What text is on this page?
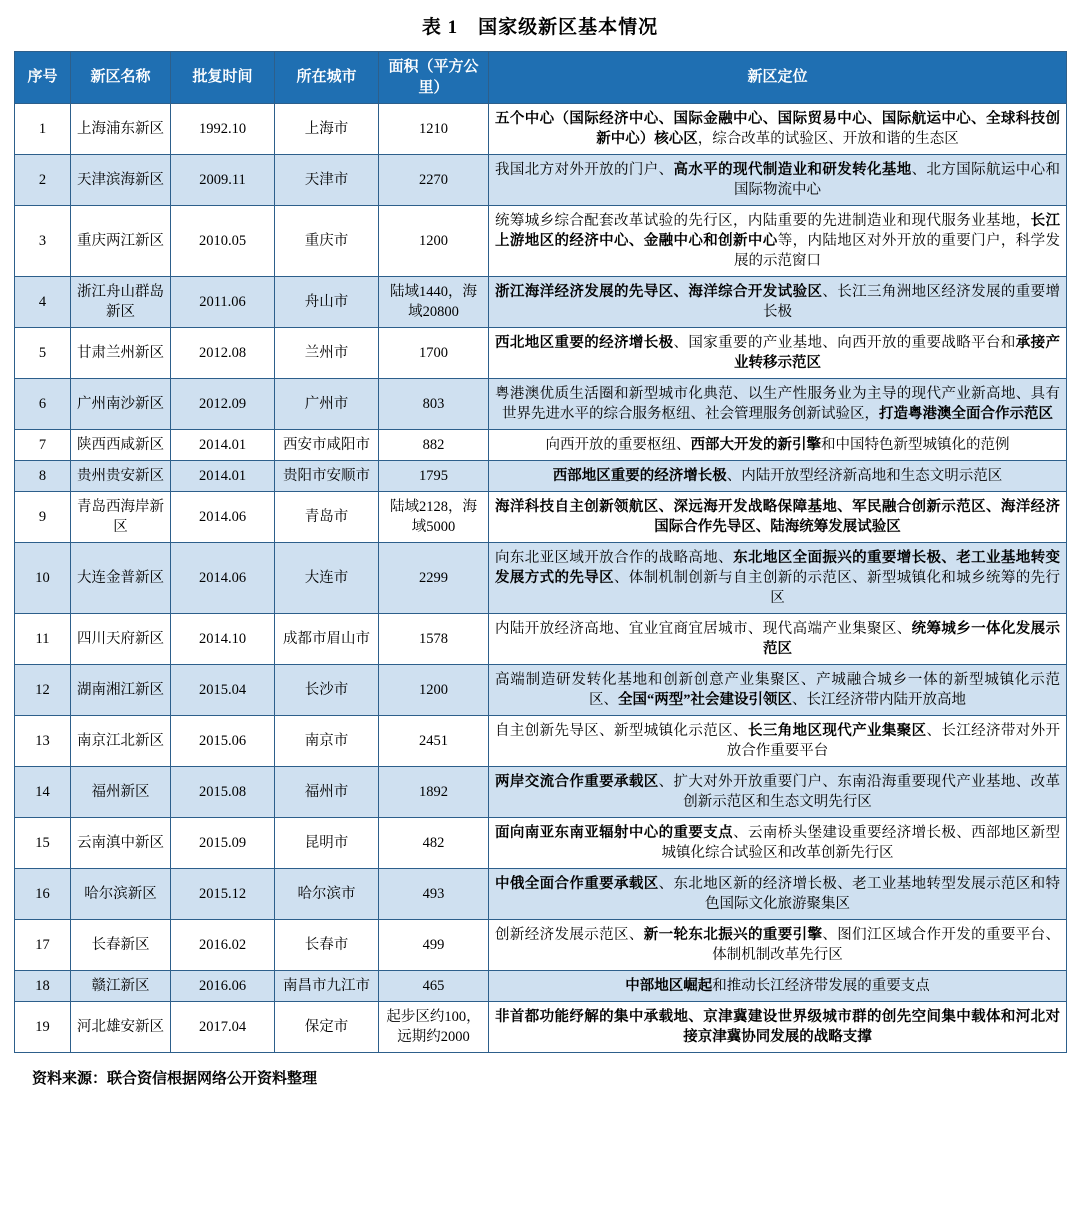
表 1　国家级新区基本情况
序号	新区名称	批复时间	所在城市	面积（平方公里）	新区定位
1	上海浦东新区	1992.10	上海市	1210	五个中心（国际经济中心、国际金融中心、国际贸易中心、国际航运中心、全球科技创新中心）核心区，综合改革的试验区、开放和谐的生态区
2	天津滨海新区	2009.11	天津市	2270	我国北方对外开放的门户、高水平的现代制造业和研发转化基地、北方国际航运中心和国际物流中心
3	重庆两江新区	2010.05	重庆市	1200	统筹城乡综合配套改革试验的先行区，内陆重要的先进制造业和现代服务业基地，长江上游地区的经济中心、金融中心和创新中心等，内陆地区对外开放的重要门户，科学发展的示范窗口
4	浙江舟山群岛新区	2011.06	舟山市	陆域1440，海域20800	浙江海洋经济发展的先导区、海洋综合开发试验区、长江三角洲地区经济发展的重要增长极
5	甘肃兰州新区	2012.08	兰州市	1700	西北地区重要的经济增长极、国家重要的产业基地、向西开放的重要战略平台和承接产业转移示范区
6	广州南沙新区	2012.09	广州市	803	粤港澳优质生活圈和新型城市化典范、以生产性服务业为主导的现代产业新高地、具有世界先进水平的综合服务枢纽、社会管理服务创新试验区，打造粤港澳全面合作示范区
7	陕西西咸新区	2014.01	西安市咸阳市	882	向西开放的重要枢纽、西部大开发的新引擎和中国特色新型城镇化的范例
8	贵州贵安新区	2014.01	贵阳市安顺市	1795	西部地区重要的经济增长极、内陆开放型经济新高地和生态文明示范区
9	青岛西海岸新区	2014.06	青岛市	陆域2128，海域5000	海洋科技自主创新领航区、深远海开发战略保障基地、军民融合创新示范区、海洋经济国际合作先导区、陆海统筹发展试验区
10	大连金普新区	2014.06	大连市	2299	向东北亚区域开放合作的战略高地、东北地区全面振兴的重要增长极、老工业基地转变发展方式的先导区、体制机制创新与自主创新的示范区、新型城镇化和城乡统筹的先行区
11	四川天府新区	2014.10	成都市眉山市	1578	内陆开放经济高地、宜业宜商宜居城市、现代高端产业集聚区、统筹城乡一体化发展示范区
12	湖南湘江新区	2015.04	长沙市	1200	高端制造研发转化基地和创新创意产业集聚区、产城融合城乡一体的新型城镇化示范区、全国“两型”社会建设引领区、长江经济带内陆开放高地
13	南京江北新区	2015.06	南京市	2451	自主创新先导区、新型城镇化示范区、长三角地区现代产业集聚区、长江经济带对外开放合作重要平台
14	福州新区	2015.08	福州市	1892	两岸交流合作重要承载区、扩大对外开放重要门户、东南沿海重要现代产业基地、改革创新示范区和生态文明先行区
15	云南滇中新区	2015.09	昆明市	482	面向南亚东南亚辐射中心的重要支点、云南桥头堡建设重要经济增长极、西部地区新型城镇化综合试验区和改革创新先行区
16	哈尔滨新区	2015.12	哈尔滨市	493	中俄全面合作重要承载区、东北地区新的经济增长极、老工业基地转型发展示范区和特色国际文化旅游聚集区
17	长春新区	2016.02	长春市	499	创新经济发展示范区、新一轮东北振兴的重要引擎、图们江区域合作开发的重要平台、体制机制改革先行区
18	赣江新区	2016.06	南昌市九江市	465	中部地区崛起和推动长江经济带发展的重要支点
19	河北雄安新区	2017.04	保定市	起步区约100，远期约2000	非首都功能纾解的集中承载地、京津冀建设世界级城市群的创先空间集中载体和河北对接京津冀协同发展的战略支撑
资料来源：联合资信根据网络公开资料整理
